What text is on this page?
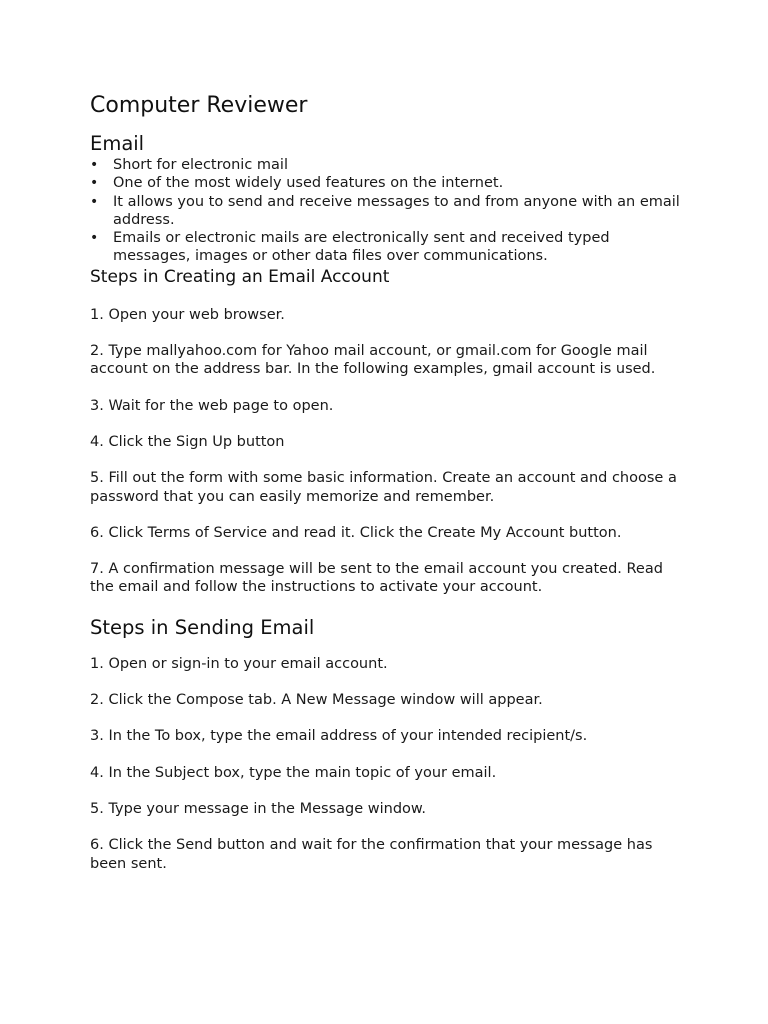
Computer Reviewer
Email
• Short for electronic mail
• One of the most widely used features on the internet.
• It allows you to send and receive messages to and from anyone with an email address.
• Emails or electronic mails are electronically sent and received typed messages, images or other data files over communications.
Steps in Creating an Email Account

1. Open your web browser.

2. Type mallyahoo.com for Yahoo mail account, or gmail.com for Google mail account on the address bar. In the following examples, gmail account is used.

3. Wait for the web page to open.

4. Click the Sign Up button

5. Fill out the form with some basic information. Create an account and choose a password that you can easily memorize and remember.

6. Click Terms of Service and read it. Click the Create My Account button.

7. A confirmation message will be sent to the email account you created. Read the email and follow the instructions to activate your account.

Steps in Sending Email

1. Open or sign-in to your email account.

2. Click the Compose tab. A New Message window will appear.

3. In the To box, type the email address of your intended recipient/s.

4. In the Subject box, type the main topic of your email.

5. Type your message in the Message window.

6. Click the Send button and wait for the confirmation that your message has been sent.
